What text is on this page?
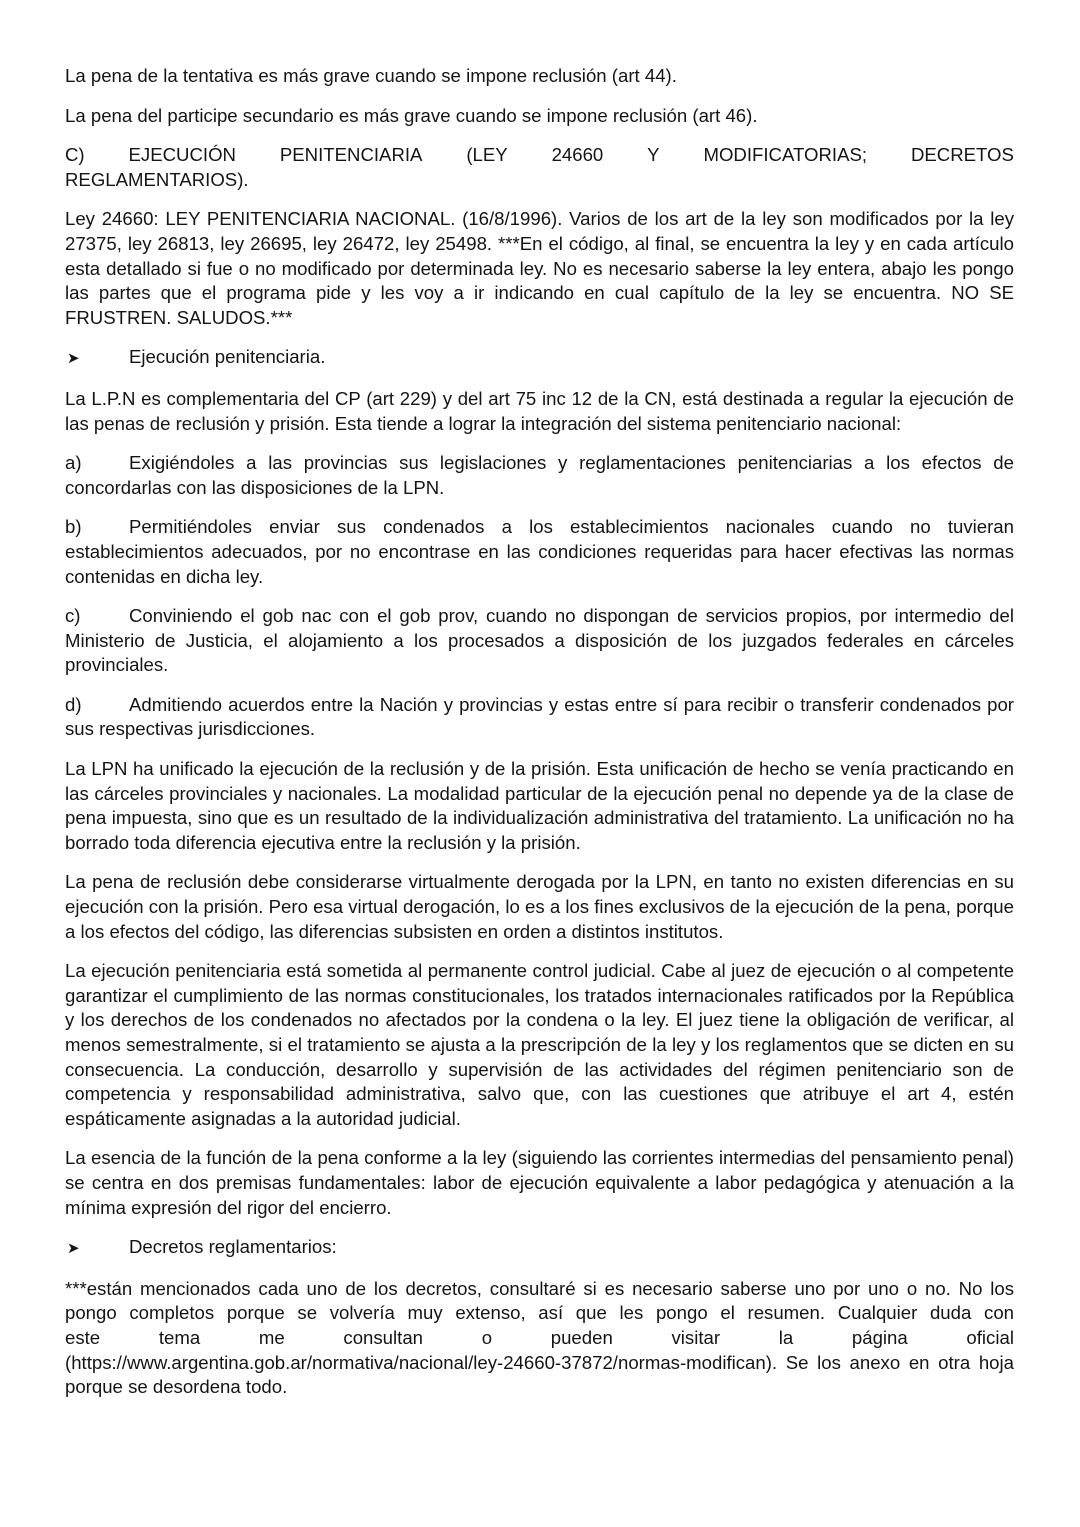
La pena de la tentativa es más grave cuando se impone reclusión (art 44).

La pena del participe secundario es más grave cuando se impone reclusión (art 46).

C) EJECUCIÓN PENITENCIARIA (LEY 24660 Y MODIFICATORIAS; DECRETOS
REGLAMENTARIOS).

Ley 24660: LEY PENITENCIARIA NACIONAL. (16/8/1996). Varios de los art de la ley son modificados por la ley 27375, ley 26813, ley 26695, ley 26472, ley 25498. ***En el código, al final, se encuentra la ley y en cada artículo esta detallado si fue o no modificado por determinada ley. No es necesario saberse la ley entera, abajo les pongo las partes que el programa pide y les voy a ir indicando en cual capítulo de la ley se encuentra. NO SE FRUSTREN. SALUDOS.***

➤	Ejecución penitenciaria.

La L.P.N es complementaria del CP (art 229) y del art 75 inc 12 de la CN, está destinada a regular la ejecución de las penas de reclusión y prisión. Esta tiende a lograr la integración del sistema penitenciario nacional:

a)	Exigiéndoles a las provincias sus legislaciones y reglamentaciones penitenciarias a los efectos de concordarlas con las disposiciones de la LPN.

b)	Permitiéndoles enviar sus condenados a los establecimientos nacionales cuando no tuvieran establecimientos adecuados, por no encontrase en las condiciones requeridas para hacer efectivas las normas contenidas en dicha ley.

c)	Conviniendo el gob nac con el gob prov, cuando no dispongan de servicios propios, por intermedio del Ministerio de Justicia, el alojamiento a los procesados a disposición de los juzgados federales en cárceles provinciales.

d)	Admitiendo acuerdos entre la Nación y provincias y estas entre sí para recibir o transferir condenados por sus respectivas jurisdicciones.

La LPN ha unificado la ejecución de la reclusión y de la prisión. Esta unificación de hecho se venía practicando en las cárceles provinciales y nacionales. La modalidad particular de la ejecución penal no depende ya de la clase de pena impuesta, sino que es un resultado de la individualización administrativa del tratamiento. La unificación no ha borrado toda diferencia ejecutiva entre la reclusión y la prisión.

La pena de reclusión debe considerarse virtualmente derogada por la LPN, en tanto no existen diferencias en su ejecución con la prisión. Pero esa virtual derogación, lo es a los fines exclusivos de la ejecución de la pena, porque a los efectos del código, las diferencias subsisten en orden a distintos institutos.

La ejecución penitenciaria está sometida al permanente control judicial. Cabe al juez de ejecución o al competente garantizar el cumplimiento de las normas constitucionales, los tratados internacionales ratificados por la República y los derechos de los condenados no afectados por la condena o la ley. El juez tiene la obligación de verificar, al menos semestralmente, si el tratamiento se ajusta a la prescripción de la ley y los reglamentos que se dicten en su consecuencia. La conducción, desarrollo y supervisión de las actividades del régimen penitenciario son de competencia y responsabilidad administrativa, salvo que, con las cuestiones que atribuye el art 4, estén espáticamente asignadas a la autoridad judicial.

La esencia de la función de la pena conforme a la ley (siguiendo las corrientes intermedias del pensamiento penal) se centra en dos premisas fundamentales: labor de ejecución equivalente a labor pedagógica y atenuación a la mínima expresión del rigor del encierro.

➤	Decretos reglamentarios:

***están mencionados cada uno de los decretos, consultaré si es necesario saberse uno por uno o no. No los pongo completos porque se volvería muy extenso, así que les pongo el resumen. Cualquier duda con

este	tema	me	consultan	o	pueden	visitar	la	página	oficial

(https://www.argentina.gob.ar/normativa/nacional/ley-24660-37872/normas-modifican). Se los anexo en otra hoja porque se desordena todo.
